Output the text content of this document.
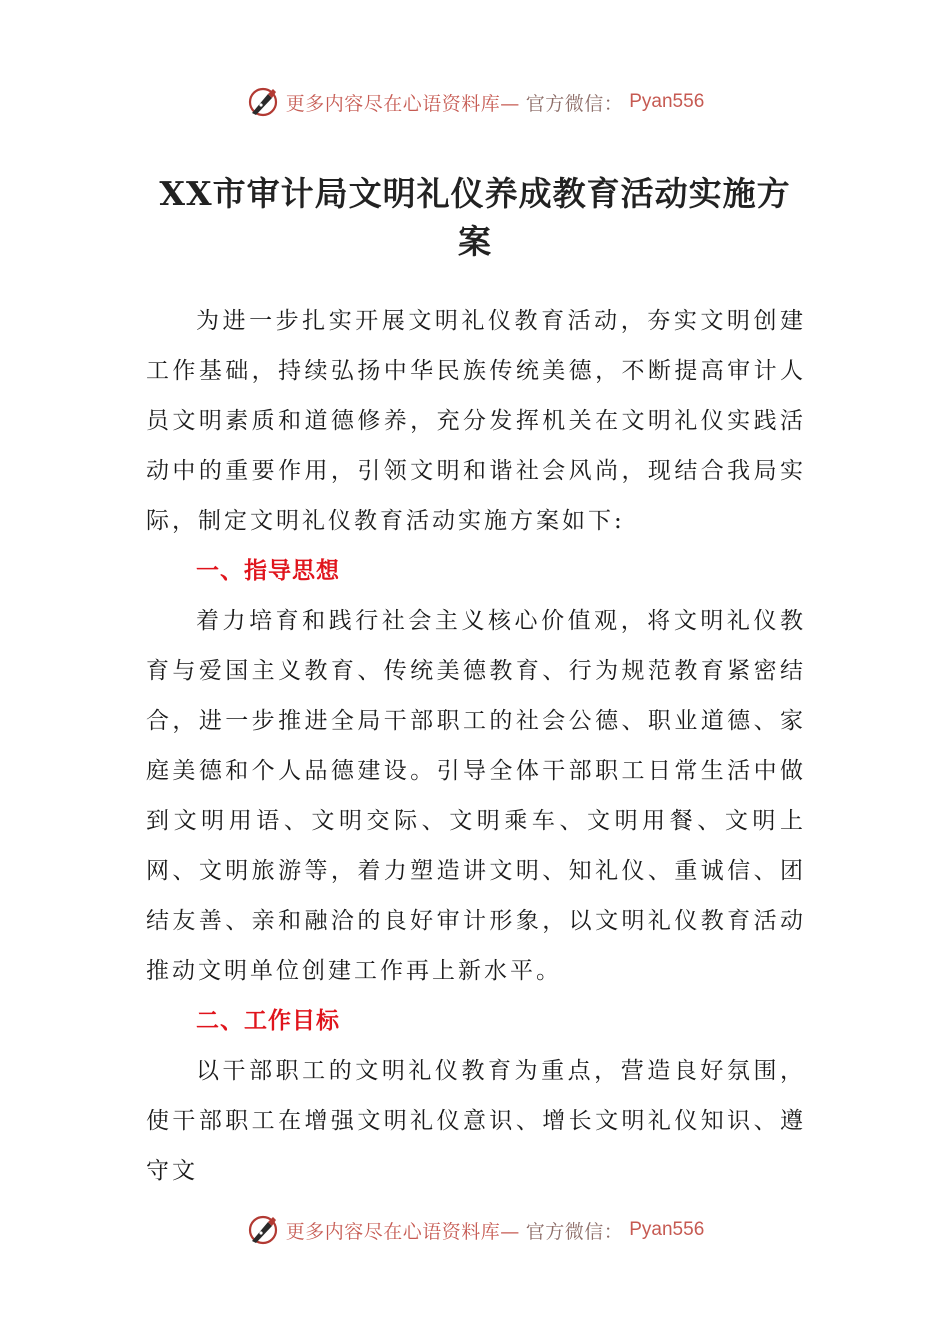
更多内容尽在心语资料库— 官方微信： Pyan556
XX市审计局文明礼仪养成教育活动实施方案

为进一步扎实开展文明礼仪教育活动，夯实文明创建工作基础，持续弘扬中华民族传统美德，不断提高审计人员文明素质和道德修养，充分发挥机关在文明礼仪实践活动中的重要作用，引领文明和谐社会风尚，现结合我局实际，制定文明礼仪教育活动实施方案如下:

一、指导思想

着力培育和践行社会主义核心价值观，将文明礼仪教育与爱国主义教育、传统美德教育、行为规范教育紧密结合，进一步推进全局干部职工的社会公德、职业道德、家庭美德和个人品德建设。引导全体干部职工日常生活中做到文明用语、文明交际、文明乘车、文明用餐、文明上网、文明旅游等，着力塑造讲文明、知礼仪、重诚信、团结友善、亲和融洽的良好审计形象，以文明礼仪教育活动推动文明单位创建工作再上新水平。

二、工作目标

以干部职工的文明礼仪教育为重点，营造良好氛围，使干部职工在增强文明礼仪意识、增长文明礼仪知识、遵守文

更多内容尽在心语资料库— 官方微信： Pyan556
